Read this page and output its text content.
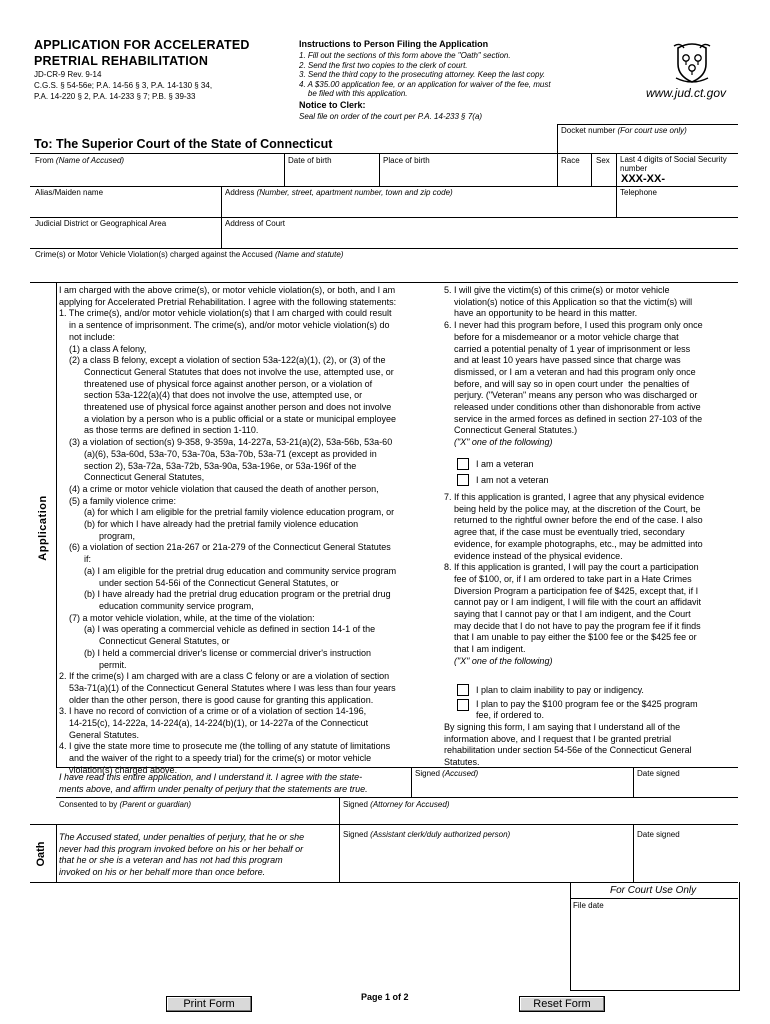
APPLICATION FOR ACCELERATED
PRETRIAL REHABILITATION
JD-CR-9 Rev. 9-14
C.G.S. § 54-56e; P.A. 14-56 § 3, P.A. 14-130 § 34,
P.A. 14-220 § 2, P.A. 14-233 § 7; P.B. § 39-33
Instructions to Person Filing the Application
1. Fill out the sections of this form above the "Oath" section.
2. Send the first two copies to the clerk of court.
3. Send the third copy to the prosecuting attorney. Keep the last copy.
4. A $35.00 application fee, or an application for waiver of the fee, must
be filed with this application.
Notice to Clerk:
Seal file on order of the court per P.A. 14-233 § 7(a)
www.jud.ct.gov
Docket number (For court use only)
To: The Superior Court of the State of Connecticut
From (Name of Accused)	Date of birth	Place of birth	Race Sex Last 4 digits of Social Security
number
XXX-XX-
Alias/Maiden name	Address (Number, street, apartment number, town and zip code)	Telephone
Judicial District or Geographical Area	Address of Court
Crime(s) or Motor Vehicle Violation(s) charged against the Accused (Name and statute)
Application
I am charged with the above crime(s), or motor vehicle violation(s), or both, and I am
applying for Accelerated Pretrial Rehabilitation. I agree with the following statements:
1. The crime(s), and/or motor vehicle violation(s) that I am charged with could result
in a sentence of imprisonment. The crime(s), and/or motor vehicle violation(s) do
not include:
(1) a class A felony,
(2) a class B felony, except a violation of section 53a-122(a)(1), (2), or (3) of the
Connecticut General Statutes that does not involve the use, attempted use, or
threatened use of physical force against another person, or a violation of
section 53a-122(a)(4) that does not involve the use, attempted use, or
threatened use of physical force against another person and does not involve
a violation by a person who is a public official or a state or municipal employee
as those terms are defined in section 1-110.
(3) a violation of section(s) 9-358, 9-359a, 14-227a, 53-21(a)(2), 53a-56b, 53a-60
(a)(6), 53a-60d, 53a-70, 53a-70a, 53a-70b, 53a-71 (except as provided in
section 2), 53a-72a, 53a-72b, 53a-90a, 53a-196e, or 53a-196f of the
Connecticut General Statutes,
(4) a crime or motor vehicle violation that caused the death of another person,
(5) a family violence crime:
(a) for which I am eligible for the pretrial family violence education program, or
(b) for which I have already had the pretrial family violence education
program,
(6) a violation of section 21a-267 or 21a-279 of the Connecticut General Statutes
if:
(a) I am eligible for the pretrial drug education and community service program
under section 54-56i of the Connecticut General Statutes, or
(b) I have already had the pretrial drug education program or the pretrial drug
education community service program,
(7) a motor vehicle violation, while, at the time of the violation:
(a) I was operating a commercial vehicle as defined in section 14-1 of the
Connecticut General Statutes, or
(b) I held a commercial driver's license or commercial driver's instruction
permit.
2. If the crime(s) I am charged with are a class C felony or are a violation of section
53a-71(a)(1) of the Connecticut General Statutes where I was less than four years
older than the other person, there is good cause for granting this application.
3. I have no record of conviction of a crime or of a violation of section 14-196,
14-215(c), 14-222a, 14-224(a), 14-224(b)(1), or 14-227a of the Connecticut
General Statutes.
4. I give the state more time to prosecute me (the tolling of any statute of limitations
and the waiver of the right to a speedy trial) for the crime(s) or motor vehicle
violation(s) charged above.
5. I will give the victim(s) of this crime(s) or motor vehicle
violation(s) notice of this Application so that the victim(s) will
have an opportunity to be heard in this matter.
6. I never had this program before, I used this program only once
before for a misdemeanor or a motor vehicle charge that
carried a potential penalty of 1 year of imprisonment or less
and at least 10 years have passed since that charge was
dismissed, or I am a veteran and had this program only once
before, and will say so in open court under  the penalties of
perjury. ("Veteran" means any person who was discharged or
released under conditions other than dishonorable from active
service in the armed forces as defined in section 27-103 of the
Connecticut General Statutes.)
("X" one of the following)
I am a veteran
I am not a veteran
7. If this application is granted, I agree that any physical evidence
being held by the police may, at the discretion of the Court, be
returned to the rightful owner before the end of the case. I also
agree that, if the case must be eventually tried, secondary
evidence, for example photographs, etc., may be admitted into
evidence instead of the physical evidence.
8. If this application is granted, I will pay the court a participation
fee of $100, or, if I am ordered to take part in a Hate Crimes
Diversion Program a participation fee of $425, except that, if I
cannot pay or I am indigent, I will file with the court an affidavit
saying that I cannot pay or that I am indigent, and the Court
may decide that I do not have to pay the program fee if it finds
that I am unable to pay either the $100 fee or the $425 fee or
that I am indigent.
("X" one of the following)
I plan to claim inability to pay or indigency.
I plan to pay the $100 program fee or the $425 program
fee, if ordered to.
By signing this form, I am saying that I understand all of the
information above, and I request that I be granted pretrial
rehabilitation under section 54-56e of the Connecticut General
Statutes.
I have read this entire application, and I understand it. I agree with the state-
ments above, and affirm under penalty of perjury that the statements are true.
Signed (Accused)	Date signed
Consented to by (Parent or guardian)	Signed (Attorney for Accused)
Oath
The Accused stated, under penalties of perjury, that he or she
never had this program invoked before on his or her behalf or
that he or she is a veteran and has not had this program
invoked on his or her behalf more than once before.
Signed (Assistant clerk/duly authorized person)	Date signed
For Court Use Only
File date
Print Form
Page 1 of 2
Reset Form
